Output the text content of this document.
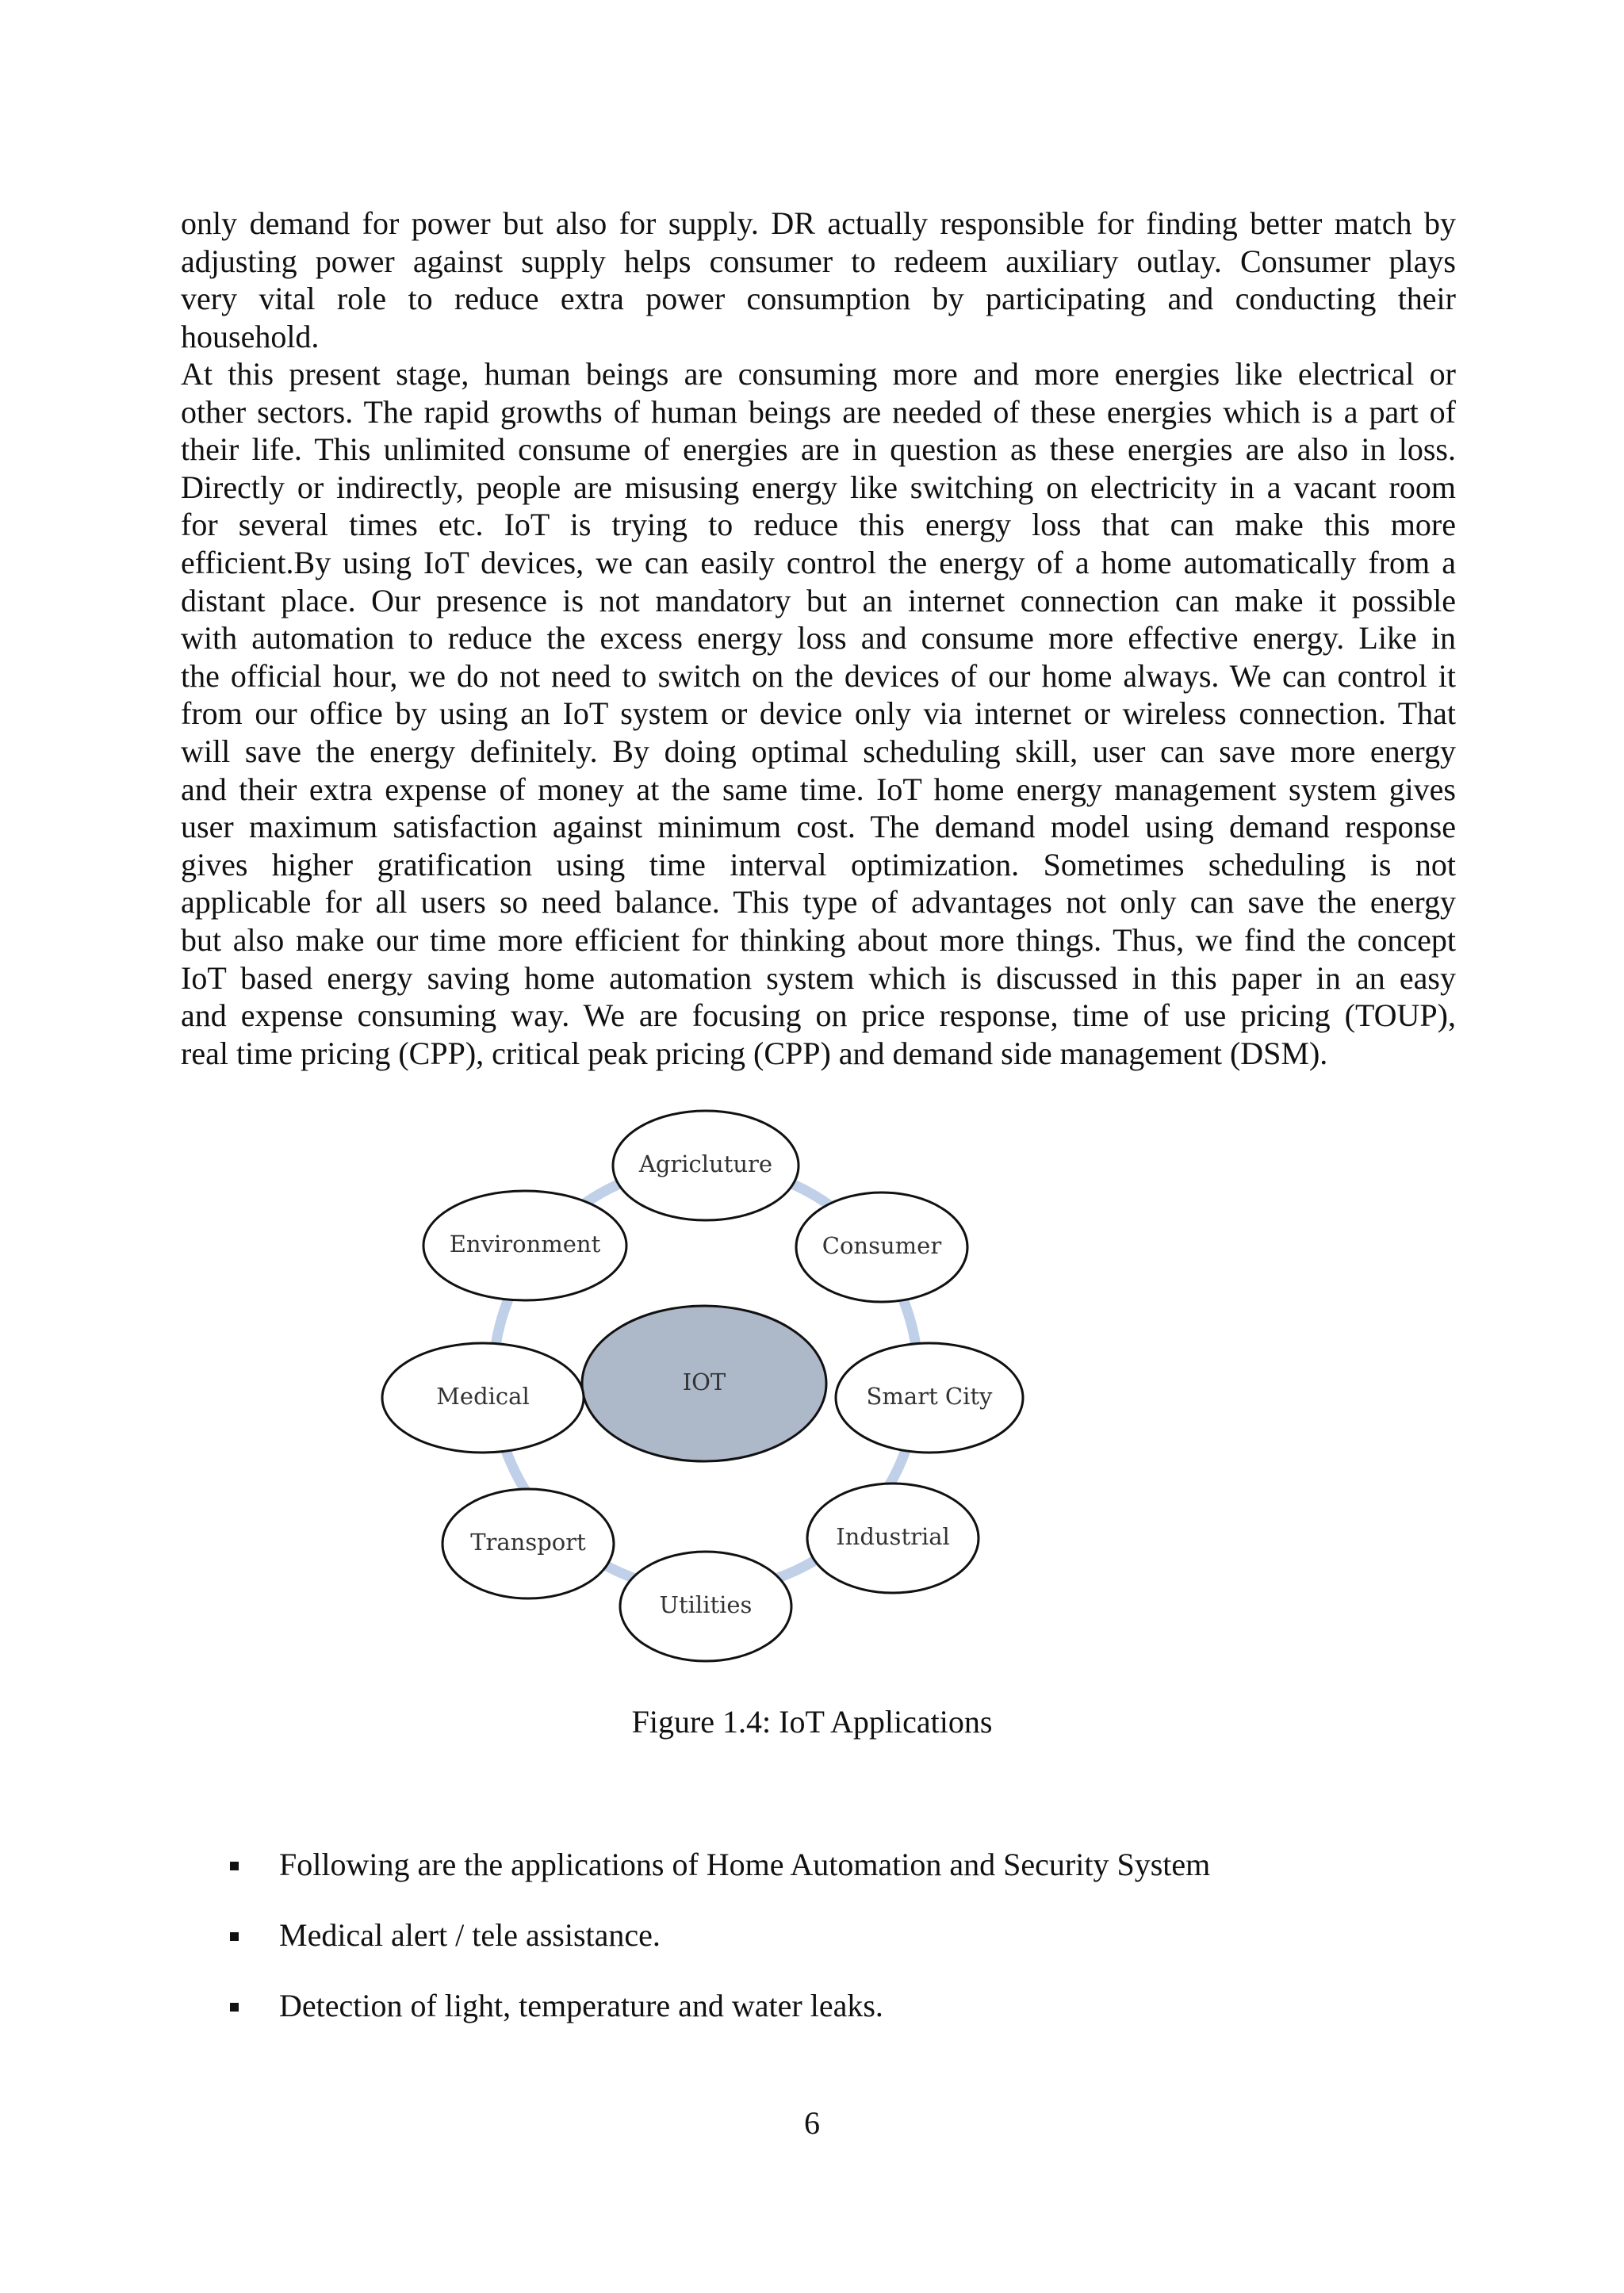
only demand for power but also for supply. DR actually responsible for finding better match by
adjusting power against supply helps consumer to redeem auxiliary outlay. Consumer plays
very vital role to reduce extra power consumption by participating and conducting their
household.
At this present stage, human beings are consuming more and more energies like electrical or
other sectors. The rapid growths of human beings are needed of these energies which is a part of
their life. This unlimited consume of energies are in question as these energies are also in loss.
Directly or indirectly, people are misusing energy like switching on electricity in a vacant room
for several times etc. IoT is trying to reduce this energy loss that can make this more
efficient.By using IoT devices, we can easily control the energy of a home automatically from a
distant place. Our presence is not mandatory but an internet connection can make it possible
with automation to reduce the excess energy loss and consume more effective energy. Like in
the official hour, we do not need to switch on the devices of our home always. We can control it
from our office by using an IoT system or device only via internet or wireless connection. That
will save the energy definitely. By doing optimal scheduling skill, user can save more energy
and their extra expense of money at the same time. IoT home energy management system gives
user maximum satisfaction against minimum cost. The demand model using demand response
gives higher gratification using time interval optimization. Sometimes scheduling is not
applicable for all users so need balance. This type of advantages not only can save the energy
but also make our time more efficient for thinking about more things. Thus, we find the concept
IoT based energy saving home automation system which is discussed in this paper in an easy
and expense consuming way. We are focusing on price response, time of use pricing (TOUP),
real time pricing (CPP), critical peak pricing (CPP) and demand side management (DSM).
IOT
Agricluture
Consumer
Smart City
Industrial
Utilities
Transport
Medical
Environment

Figure 1.4: IoT Applications

Following are the applications of Home Automation and Security System
Medical alert / tele assistance.
Detection of light, temperature and water leaks.

6
